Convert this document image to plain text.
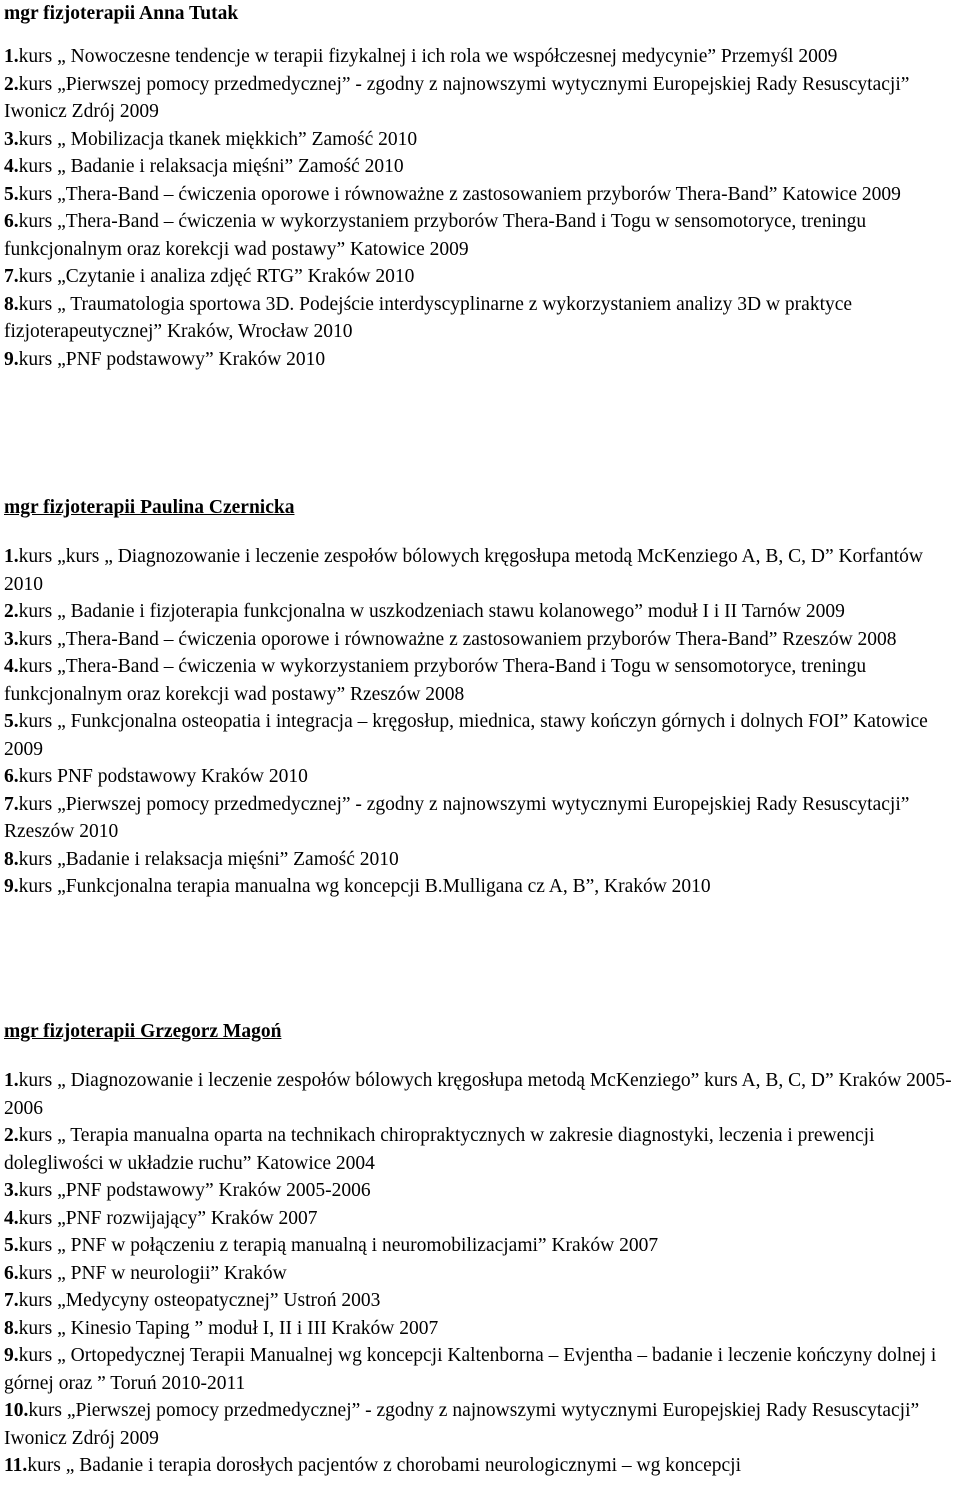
mgr fizjoterapii Anna Tutak

1.kurs „ Nowoczesne tendencje w terapii fizykalnej i ich rola we współczesnej medycynie” Przemyśl 2009

2.kurs „Pierwszej pomocy przedmedycznej” - zgodny z najnowszymi wytycznymi Europejskiej Rady Resuscytacji” Iwonicz Zdrój 2009

3.kurs „ Mobilizacja tkanek miękkich” Zamość 2010

4.kurs „ Badanie i relaksacja mięśni” Zamość 2010

5.kurs „Thera-Band – ćwiczenia oporowe i równoważne z zastosowaniem przyborów Thera-Band” Katowice 2009

6.kurs „Thera-Band – ćwiczenia w wykorzystaniem przyborów Thera-Band i Togu w sensomotoryce, treningu funkcjonalnym oraz korekcji wad postawy” Katowice 2009

7.kurs „Czytanie i analiza zdjęć RTG” Kraków 2010

8.kurs „ Traumatologia sportowa 3D. Podejście interdyscyplinarne z wykorzystaniem analizy 3D w praktyce fizjoterapeutycznej” Kraków, Wrocław 2010

9.kurs „PNF podstawowy” Kraków 2010

mgr fizjoterapii Paulina Czernicka

1.kurs „kurs „ Diagnozowanie i leczenie zespołów bólowych kręgosłupa metodą McKenziego A, B, C, D” Korfantów 2010

2.kurs „ Badanie i fizjoterapia funkcjonalna w uszkodzeniach stawu kolanowego” moduł I i II Tarnów 2009

3.kurs „Thera-Band – ćwiczenia oporowe i równoważne z zastosowaniem przyborów Thera-Band” Rzeszów 2008

4.kurs „Thera-Band – ćwiczenia w wykorzystaniem przyborów Thera-Band i Togu w sensomotoryce, treningu funkcjonalnym oraz korekcji wad postawy” Rzeszów 2008

5.kurs „ Funkcjonalna osteopatia i integracja – kręgosłup, miednica, stawy kończyn górnych i dolnych FOI” Katowice 2009

6.kurs PNF podstawowy Kraków 2010

7.kurs „Pierwszej pomocy przedmedycznej” - zgodny z najnowszymi wytycznymi Europejskiej Rady Resuscytacji” Rzeszów 2010

8.kurs „Badanie i relaksacja mięśni” Zamość 2010

9.kurs „Funkcjonalna terapia manualna wg koncepcji B.Mulligana cz A, B”, Kraków 2010

mgr fizjoterapii Grzegorz Magoń

1.kurs „ Diagnozowanie i leczenie zespołów bólowych kręgosłupa metodą McKenziego” kurs A, B, C, D” Kraków 2005-2006

2.kurs „ Terapia manualna oparta na technikach chiropraktycznych w zakresie diagnostyki, leczenia i prewencji dolegliwości w układzie ruchu” Katowice 2004

3.kurs „PNF podstawowy” Kraków 2005-2006

4.kurs „PNF rozwijający” Kraków 2007

5.kurs „ PNF w połączeniu z terapią manualną i neuromobilizacjami” Kraków 2007

6.kurs „ PNF w neurologii” Kraków

7.kurs „Medycyny osteopatycznej” Ustroń 2003

8.kurs „ Kinesio Taping ” moduł I, II i III Kraków 2007

9.kurs „ Ortopedycznej Terapii Manualnej wg koncepcji Kaltenborna – Evjentha – badanie i leczenie kończyny dolnej i górnej oraz ” Toruń 2010-2011

10.kurs „Pierwszej pomocy przedmedycznej” - zgodny z najnowszymi wytycznymi Europejskiej Rady Resuscytacji” Iwonicz Zdrój 2009

11.kurs „ Badanie i terapia dorosłych pacjentów z chorobami neurologicznymi – wg koncepcji
